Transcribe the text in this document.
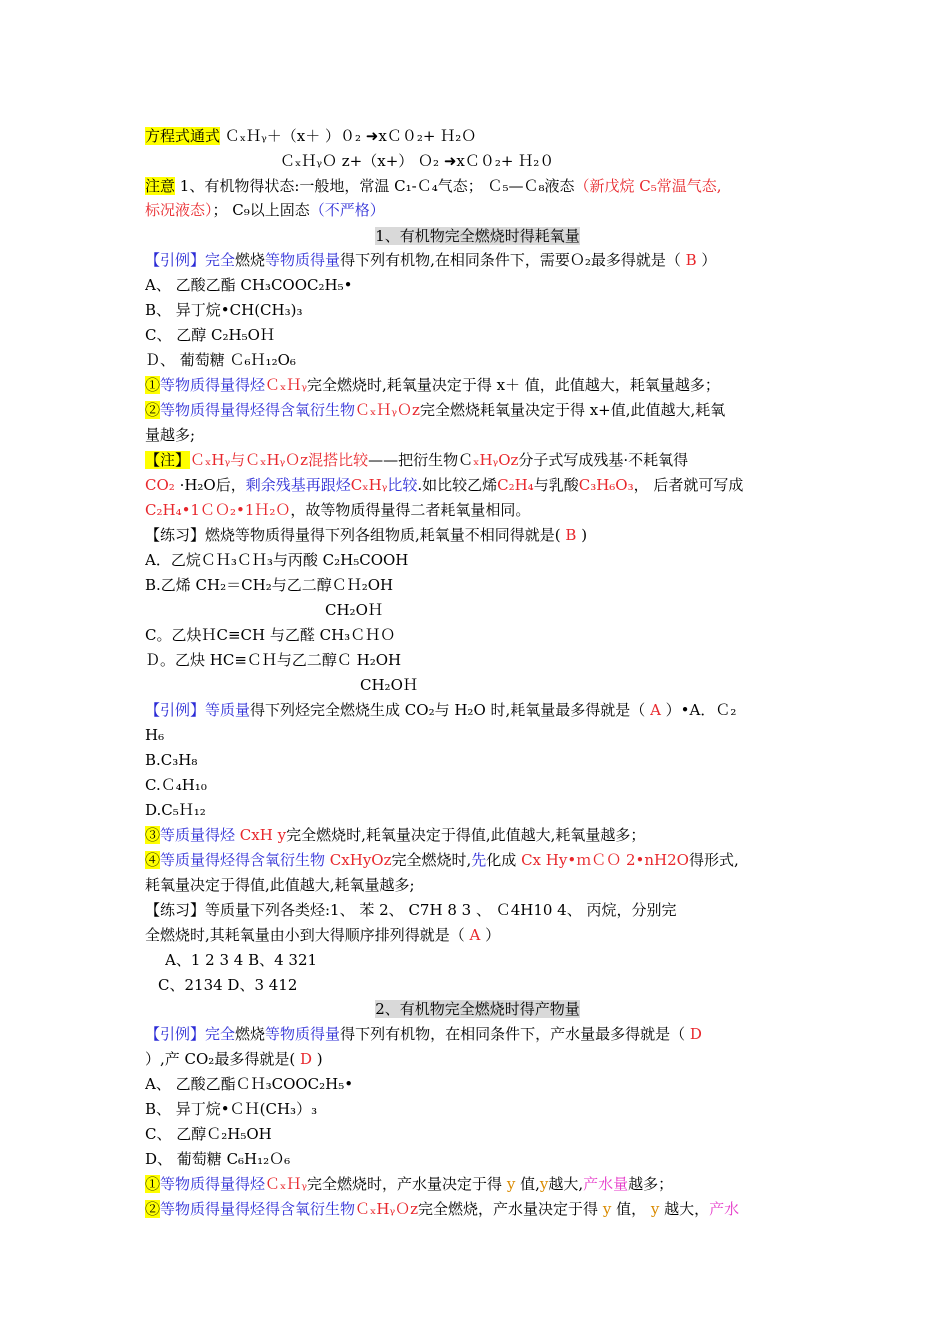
方程式通式 ＣₓＨᵧ＋（x＋ ）０₂ ➜xＣ０₂+ Ｈ₂Ｏ
ＣₓＨᵧＯ z+（x+） Ｏ₂ ➜xＣ０₂+ Ｈ₂０
注意 1、有机物得状态:一般地，常温 C₁-Ｃ₄气态； Ｃ₅—Ｃ₈液态（新戊烷 C₅常温气态,
标况液态）； C₉以上固态（不严格）
1、有机物完全燃烧时得耗氧量
【引例】完全燃烧等物质得量得下列有机物,在相同条件下，需要Ｏ₂最多得就是（ B ）
A、 乙酸乙酯 CH₃COOC₂H₅•
B、 异丁烷•CH(CH₃)₃
C、 乙醇 C₂H₅OＨ
Ｄ、 葡萄糖 Ｃ₆Ｈ₁₂O₆
①等物质得量得烃ＣₓＨᵧ完全燃烧时,耗氧量决定于得 x＋ 值，此值越大，耗氧量越多；
②等物质得量得烃得含氧衍生物ＣₓＨᵧＯz完全燃烧耗氧量决定于得 x+值,此值越大,耗氧
量越多;
【注】ＣₓHᵧ与ＣₓHᵧＯz混搭比较——把衍生物ＣₓHᵧOz分子式写成残基·不耗氧得
CO₂ ·H₂O后，剩余残基再跟烃CₓHᵧ比较.如比较乙烯C₂H₄与乳酸C₃H₆O₃， 后者就可写成
C₂H₄•1ＣＯ₂•1Ｈ₂Ｏ，故等物质得量得二者耗氧量相同。
【练习】燃烧等物质得量得下列各组物质,耗氧量不相同得就是( B )
A．乙烷ＣＨ₃ＣＨ₃与丙酸 C₂H₅COOH
B.乙烯 CH₂＝CH₂与乙二醇ＣＨ₂OH
CH₂OＨ
C。乙炔ＨC≡CH 与乙醛 CH₃ＣＨＯ
Ｄ。乙炔 HC≡ＣＨ与乙二醇Ｃ H₂OH
CH₂OＨ
【引例】等质量得下列烃完全燃烧生成 CO₂与 H₂O 时,耗氧量最多得就是（ A ）•A．Ｃ₂
H₆
B.C₃H₈
C.Ｃ₄H₁₀
D.C₅Ｈ₁₂
③等质量得烃 CxH y完全燃烧时,耗氧量决定于得值,此值越大,耗氧量越多；
④等质量得烃得含氧衍生物 CxHyOz完全燃烧时,先化成 Cx Hy•ｍＣＯ 2•nH2O得形式,
耗氧量决定于得值,此值越大,耗氧量越多;
【练习】等质量下列各类烃:1、 苯 2、 C7H 8 3 、 Ｃ4H10 4、 丙烷，分别完
全燃烧时,其耗氧量由小到大得顺序排列得就是（ A ）
A、1 2 3 4 B、4 321
C、2134 D、3 412
2、有机物完全燃烧时得产物量
【引例】完全燃烧等物质得量得下列有机物，在相同条件下，产水量最多得就是（ D
）,产 CO₂最多得就是( D )
A、 乙酸乙酯ＣＨ₃COOC₂H₅•
B、 异丁烷•ＣＨ(CH₃）₃
C、 乙醇Ｃ₂H₅OH
D、 葡萄糖 C₆H₁₂Ｏ₆
①等物质得量得烃ＣₓＨᵧ完全燃烧时，产水量决定于得 y 值,y越大,产水量越多；
②等物质得量得烃得含氧衍生物ＣₓHᵧＯz完全燃烧，产水量决定于得 y 值， y 越大，产水
